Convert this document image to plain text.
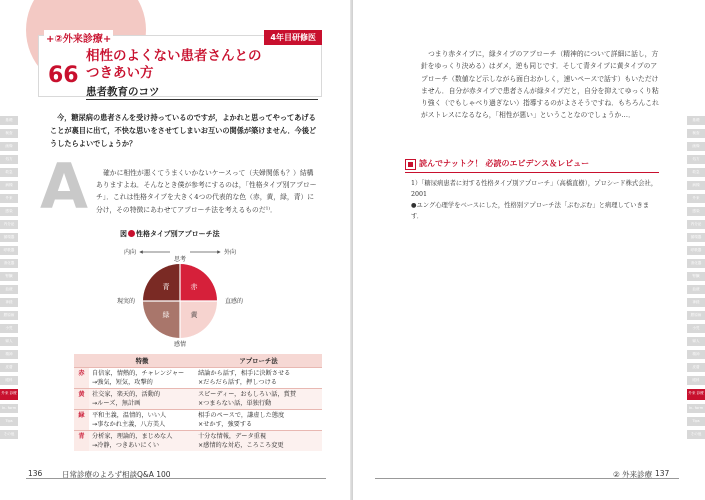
+②外来診療+	4年目研修医
66
相性のよくない患者さんとの
つきあい方
患者教育のコツ
今，糖尿病の患者さんを受け持っているのですが，よかれと思ってやってあげることが裏目に出て，不快な思いをさせてしまいお互いの関係が築けません．今後どうしたらよいでしょうか？
A	確かに相性が悪くてうまくいかないケースって（夫婦関係も？）結構ありますよね．そんなとき僕が参考にするのは，「性格タイプ別アプローチ」．これは性格タイプを大きく4つの代表的な色（赤，黄，緑，青）に分け，その特徴にあわせてアプローチ法を考えるものだ¹⁾．
図 性格タイプ別アプローチ法
内向	外向
思考
感情
現実的	直感的
青	赤
緑	黄
	特徴	アプローチ法
赤	自信家，情熱的，チャレンジャー
→強気，短気，攻撃的	結論から話す，相手に決断させる
×だらだら話す，押しつける
黄	社交家，楽天的，活動的
→ルーズ，無計画	スピーディー，おもしろい話，賞賛
×つまらない話，単独行動
緑	平和主義，温情的，いい人
→事なかれ主義，八方美人	相手のペースで，謙虚した態度
×せかす，強要する
青	分析家，理論的，まじめな人
→冷静，つきあいにくい	十分な情報，データ重視
×感情的な対応，ころころ変更
136	日常診療のよろず相談Q&A 100
基礎
検査
画像
処方
救急
病棟
外来
感染
内分泌
循環器
呼吸器
消化器
腎臓
血液
神経
膠原病
小児
婦人
精神
皮膚
眼科
外来 診療
In- form
Tips
その他
つまり赤タイプに，緑タイプのアプローチ（精神的について詳細に話し，方針をゆっくり決める）はダメ，逆も同じです．そして青タイプに黄タイプのアプローチ（数値など示しながら面白おかしく，速いペースで話す）もいただけません．自分が赤タイプで患者さんが緑タイプだと，自分を抑えてゆっくり粘り強く（でもしゃべり過ぎない）指導するのがよさそうですね．もちろんこれがストレスになるなら，「相性が悪い」ということなのでしょうか…．
読んでナットク！ 必読のエビデンス＆レビュー
1）「糖尿病患者に対する性格タイプ別アプローチ」（高橋直樹），プロシード株式会社，2001
●ユング心理学をベースにした，性格別アプローチ法「ぶむぶむ」と病理していきます．
② 外来診療 137
基礎
検査
画像
処方
救急
病棟
外来
感染
内分泌
循環器
呼吸器
消化器
腎臓
血液
神経
膠原病
小児
婦人
精神
皮膚
眼科
外来 診療
In- form
Tips
その他
